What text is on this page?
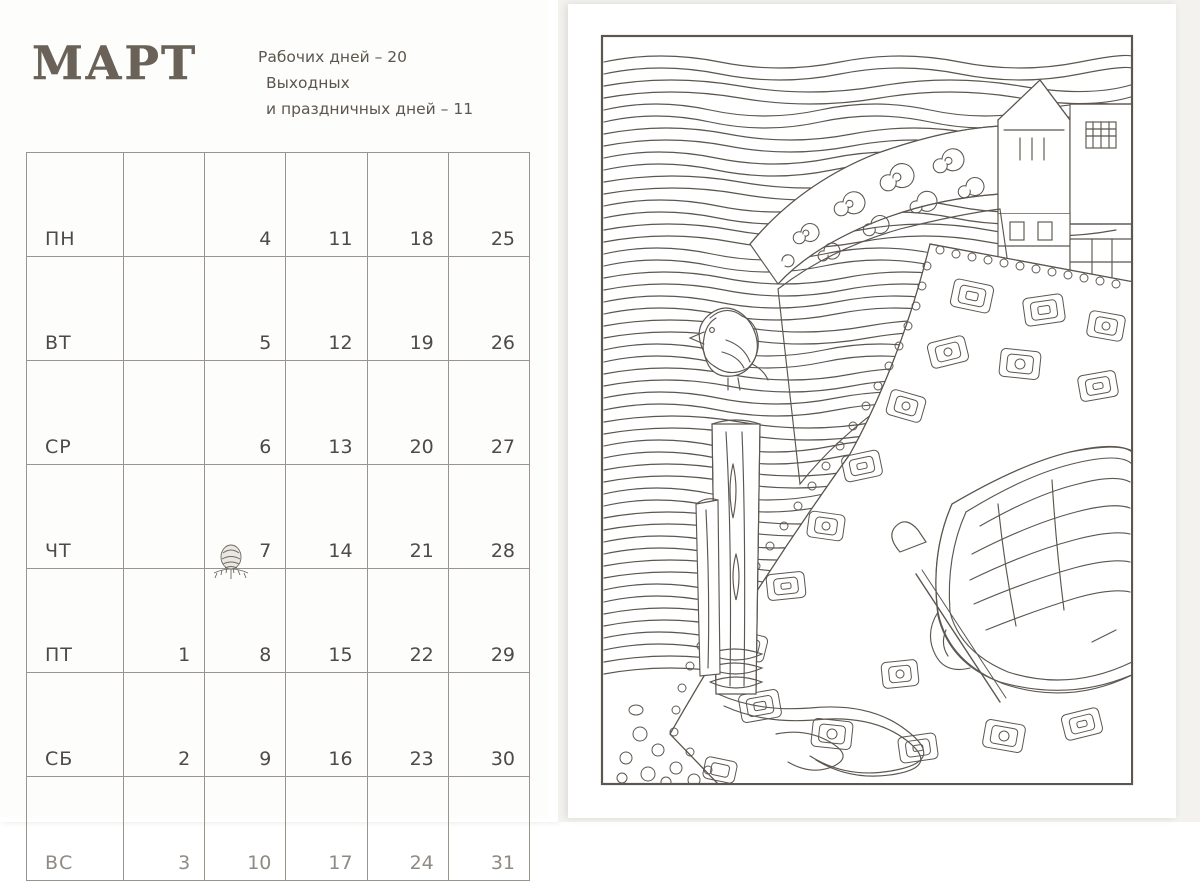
МАРТ	Рабочих дней – 20
Выходных
и праздничных дней – 11
ПН		4	11	18	25
ВТ		5	12	19	26
СР		6	13	20	27
ЧТ		7	14	21	28
ПТ	1	8	15	22	29
СБ	2	9	16	23	30
ВС	3	10	17	24	31
